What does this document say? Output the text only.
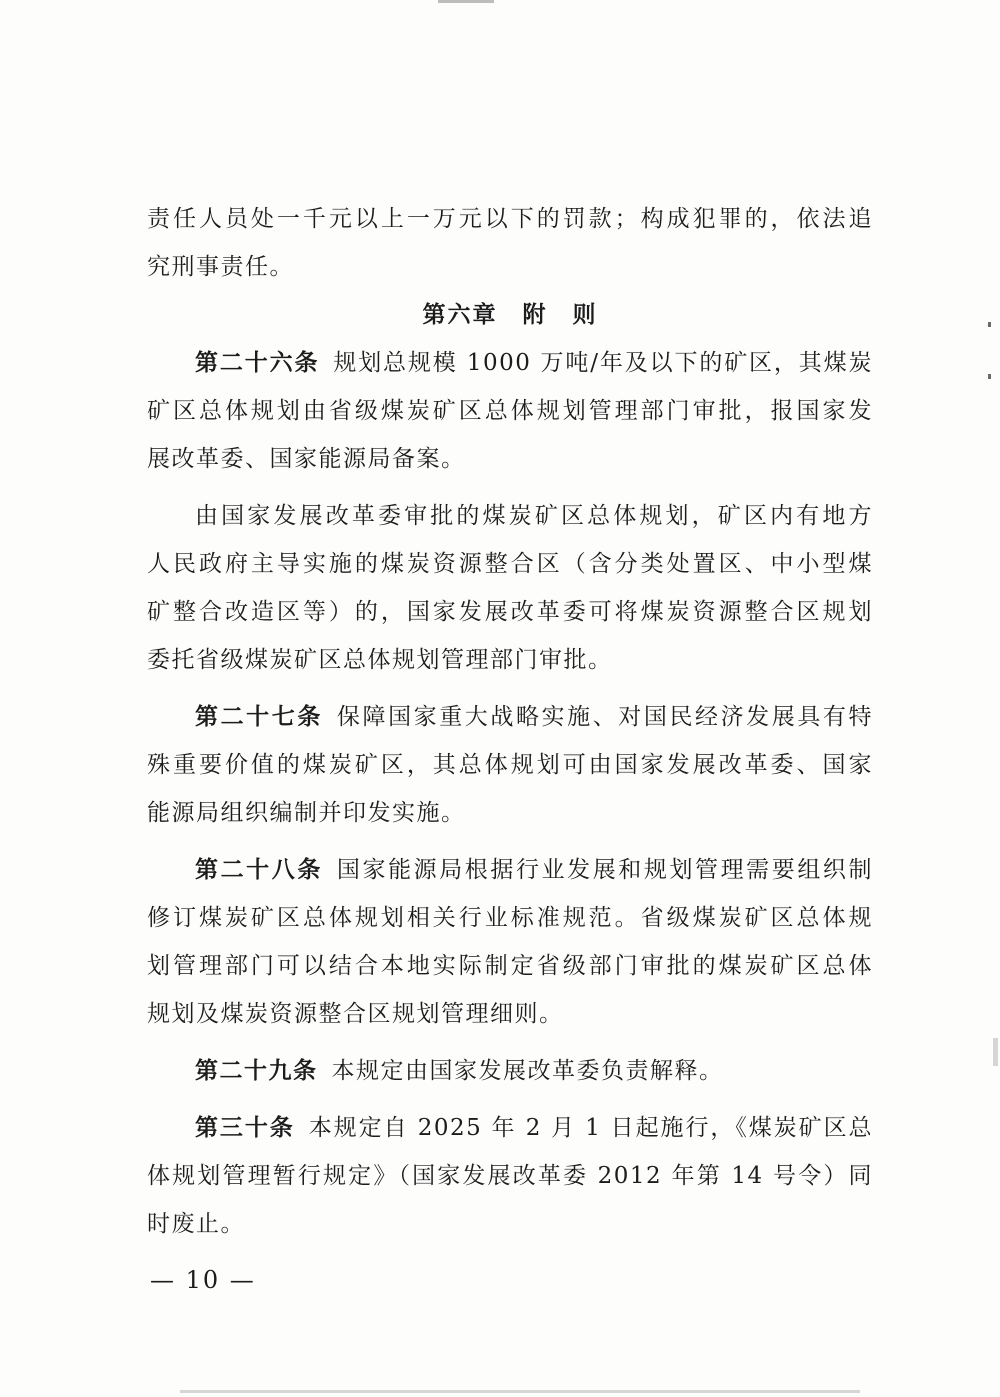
责任人员处一千元以上一万元以下的罚款；构成犯罪的，依法追
究刑事责任。
第六章　附　则
第二十六条 规划总规模 1000 万吨/年及以下的矿区，其煤炭
矿区总体规划由省级煤炭矿区总体规划管理部门审批，报国家发
展改革委、国家能源局备案。
由国家发展改革委审批的煤炭矿区总体规划，矿区内有地方
人民政府主导实施的煤炭资源整合区（含分类处置区、中小型煤
矿整合改造区等）的，国家发展改革委可将煤炭资源整合区规划
委托省级煤炭矿区总体规划管理部门审批。
第二十七条 保障国家重大战略实施、对国民经济发展具有特
殊重要价值的煤炭矿区，其总体规划可由国家发展改革委、国家
能源局组织编制并印发实施。
第二十八条 国家能源局根据行业发展和规划管理需要组织制
修订煤炭矿区总体规划相关行业标准规范。省级煤炭矿区总体规
划管理部门可以结合本地实际制定省级部门审批的煤炭矿区总体
规划及煤炭资源整合区规划管理细则。
第二十九条 本规定由国家发展改革委负责解释。
第三十条 本规定自 2025 年 2 月 1 日起施行，《煤炭矿区总
体规划管理暂行规定》（国家发展改革委 2012 年第 14 号令）同
时废止。
— 10 —
